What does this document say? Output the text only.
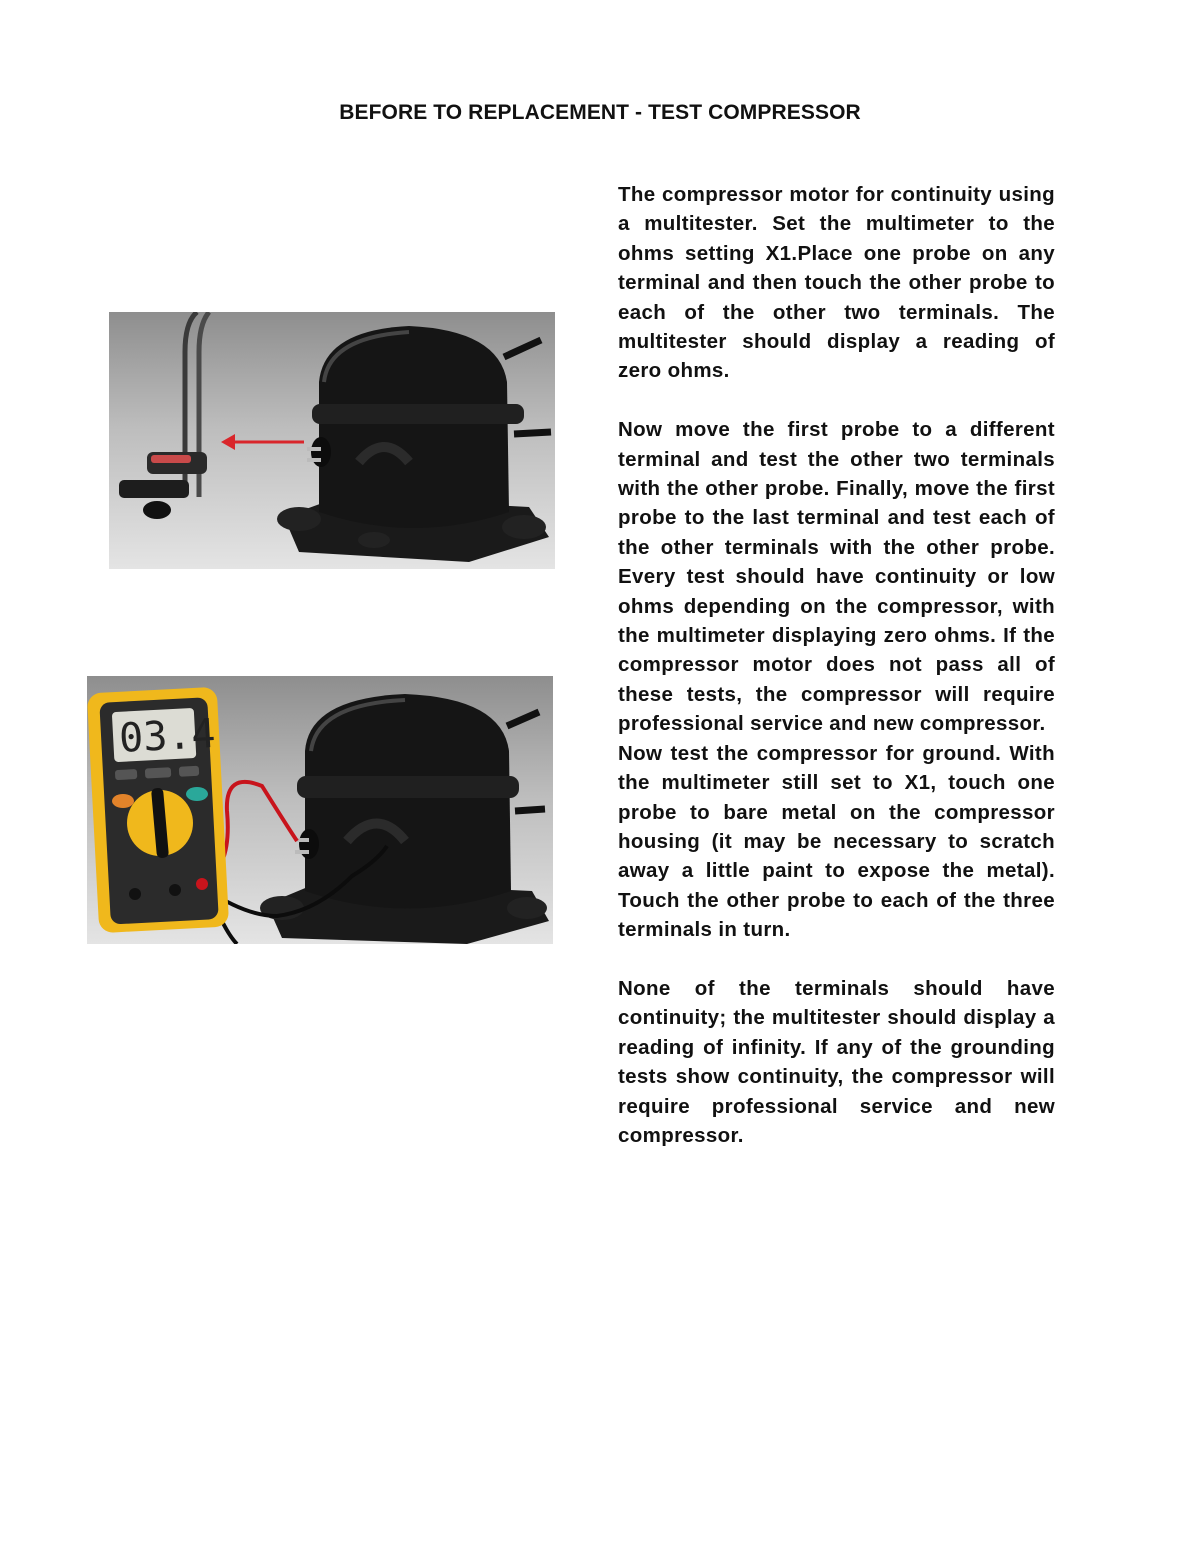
BEFORE TO REPLACEMENT - TEST COMPRESSOR
03.4

The compressor motor for continuity using a multitester. Set the multimeter to the ohms setting X1.Place one probe on any terminal and then touch the other probe to each of the other two terminals. The multitester should display a reading of zero ohms.

Now move the first probe to a different terminal and test the other two terminals with the other probe. Finally, move the first probe to the last terminal and test each of the other terminals with the other probe. Every test should have continuity or low ohms depending on the compressor, with the multimeter displaying zero ohms. If the compressor motor does not pass all of these tests, the compressor will require professional service and new compressor.

Now test the compressor for ground. With the multimeter still set to X1, touch one probe to bare metal on the compressor housing (it may be necessary to scratch away a little paint to expose the metal). Touch the other probe to each of the three terminals in turn.

None of the terminals should have continuity; the multitester should display a reading of infinity. If any of the grounding tests show continuity, the compressor will require professional service and new compressor.
